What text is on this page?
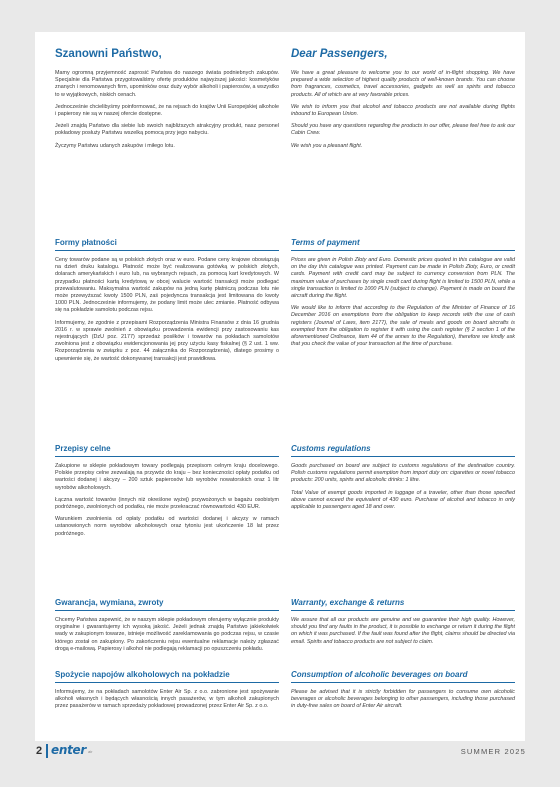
Szanowni Państwo,

Mamy ogromną przyjemność zaprosić Państwa do naszego świata podniebnych zakupów. Specjalnie dla Państwa przygotowaliśmy ofertę produktów najwyższej jakości: kosmetyków znanych i renomowanych firm, upominków oraz duży wybór alkoholi i papierosów, a wszystko to w wyjątkowych, niskich cenach.

Jednocześnie chcielibyśmy poinformować, że na rejsach do krajów Unii Europejskiej alkohole i papierosy nie są w naszej ofercie dostępne.

Jeżeli znajdą Państwo dla siebie lub swoich najbliższych atrakcyjny produkt, nasz personel pokładowy posłuży Państwu wszelką pomocą przy jego nabyciu.

Życzymy Państwu udanych zakupów i miłego lotu.

Formy płatności

Ceny towarów podane są w polskich złotych oraz w euro. Podane ceny krajowe obowiązują na dzień druku katalogu. Płatność może być realizowana gotówką w polskich złotych, dolarach amerykańskich i euro lub, na wybranych rejsach, za pomocą kart kredytowych. W przypadku płatności kartą kredytową w obcej walucie wartość transakcji może podlegać przewalutowaniu. Maksymalna wartość zakupów na jedną kartę płatniczą podczas lotu nie może przewyższać kwoty 1500 PLN, zaś pojedyncza transakcja jest limitowana do kwoty 1000 PLN. Jednocześnie informujemy, że podany limit może ulec zmianie. Płatność odbywa się na pokładzie samolotu podczas rejsu.

Informujemy, że zgodnie z przepisami Rozporządzenia Ministra Finansów z dnia 16 grudnia 2016 r. w sprawie zwolnień z obowiązku prowadzenia ewidencji przy zastosowaniu kas rejestrujących (DzU poz. 2177) sprzedaż posiłków i towarów na pokładach samolotów zwolniona jest z obowiązku ewidencjonowania jej przy użyciu kasy fiskalnej (§ 2 ust. 1 ww. Rozporządzenia w związku z poz. 44 załącznika do Rozporządzenia), dlatego prosimy o upewnienie się, że wartość dokonywanej transakcji jest prawidłowa.

Przepisy celne

Zakupione w sklepie pokładowym towary podlegają przepisom celnym kraju docelowego. Polskie przepisy celne zezwalają na przywóz do kraju – bez konieczności opłaty podatku od wartości dodanej i akcyzy – 200 sztuk papierosów lub wyrobów nowatorskich oraz 1 litr wyrobów alkoholowych.

Łączna wartość towarów (innych niż określone wyżej) przywożonych w bagażu osobistym podróżnego, zwolnionych od podatku, nie może przekraczać równowartości 430 EUR.

Warunkiem zwolnienia od opłaty podatku od wartości dodanej i akcyzy w ramach ustanowionych norm wyrobów alkoholowych oraz tytoniu jest ukończenie 18 lat przez podróżnego.

Gwarancja, wymiana, zwroty

Chcemy Państwa zapewnić, że w naszym sklepie pokładowym oferujemy wyłącznie produkty oryginalne i gwarantujemy ich wysoką jakość. Jeżeli jednak znajdą Państwo jakiekolwiek wady w zakupionym towarze, istnieje możliwość zareklamowania go podczas rejsu, w czasie którego został on zakupiony. Po zakończeniu rejsu ewentualne reklamacje należy zgłaszać drogą e-mailową. Papierosy i alkohol nie podlegają reklamacji po opuszczeniu pokładu.

Spożycie napojów alkoholowych na pokładzie

Informujemy, że na pokładach samolotów Enter Air Sp. z o.o. zabronione jest spożywanie alkoholi własnych i będących własnością innych pasażerów, w tym alkoholi zakupionych przez pasażerów w ramach sprzedaży pokładowej prowadzonej przez Enter Air Sp. z o.o.

Dear Passengers,

We have a great pleasure to welcome you to our world of in-flight shopping. We have prepared a wide selection of highest quality products of well-known brands. You can choose from fragrances, cosmetics, travel accessories, gadgets as well as spirits and tobacco products. All of which are at very favorable prices.

We wish to inform you that alcohol and tobacco products are not available during flights inbound to European Union.

Should you have any questions regarding the products in our offer, please feel free to ask our Cabin Crew.

We wish you a pleasant flight.

Terms of payment

Prices are given in Polish Złoty and Euro. Domestic prices quoted in this catalogue are valid on the day this catalogue was printed. Payment can be made in Polish Złoty, Euro, or credit cards. Payment with credit card may be subject to currency conversion from PLN. The maximum value of purchases by single credit card during flight is limited to 1500 PLN, while a single transaction is limited to 1000 PLN (subject to change). Payment is made on board the aircraft during the flight.

We would like to inform that according to the Regulation of the Minister of Finance of 16 December 2016 on exemptions from the obligation to keep records with the use of cash registers (Journal of Laws, item 2177), the sale of meals and goods on board aircrafts is exempted from the obligation to register it with using the cash register (§ 2 section 1 of the aforementioned Ordinance, item 44 of the annex to the Regulation), therefore we kindly ask that you check the value of your transaction at the time of purchase.

Customs regulations

Goods purchased on board are subject to customs regulations of the destination country. Polish customs regulations permit exemption from import duty on: cigarettes or novel tobacco products: 200 units, spirits and alcoholic drinks: 1 litre.

Total Value of exempt goods imported in luggage of a traveler, other than those specified above cannot exceed the equivalent of 430 euro. Purchase of alcohol and tobacco in only applicable to passengers aged 18 and over.

Warranty, exchange & returns

We assure that all our products are genuine and we guarantee their high quality. However, should you find any faults in the product, it is possible to exchange or return it during the flight on which it was purchased. If the fault was found after the flight, claims should be directed via email. Spirits and tobacco products are not subject to claim.

Consumption of alcoholic beverages on board

Please be advised that it is strictly forbidden for passengers to consume own alcoholic beverages or alcoholic beverages belonging to other passengers, including those purchased in duty-free sales on board of Enter Air aircraft.

2 enter air	SUMMER 2025
